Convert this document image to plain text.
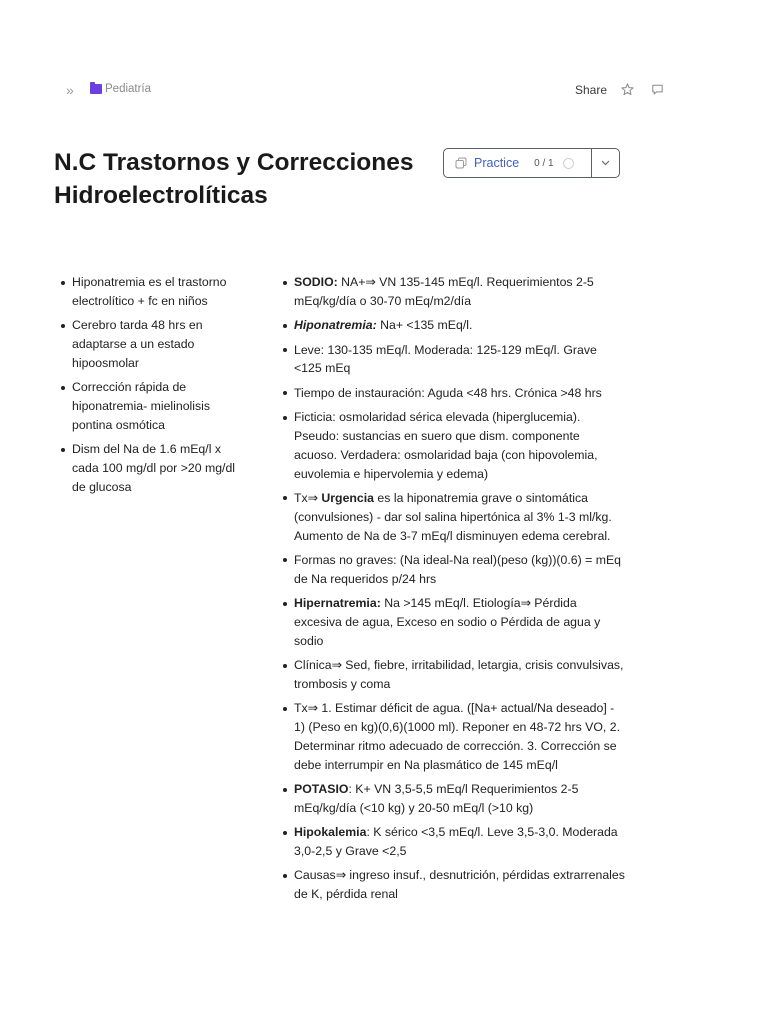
»	Pediatría	Share
N.C Trastornos y Correcciones
Hidroelectrolíticas
Practice 0 / 1
Hiponatremia es el trastorno electrolítico + fc en niños
Cerebro tarda 48 hrs en adaptarse a un estado hipoosmolar
Corrección rápida de hiponatremia- mielinolisis pontina osmótica
Dism del Na de 1.6 mEq/l x cada 100 mg/dl por >20 mg/dl de glucosa
SODIO: NA+⇒ VN 135-145 mEq/l. Requerimientos 2-5 mEq/kg/día o 30-70 mEq/m2/día
Hiponatremia: Na+ <135 mEq/l.
Leve: 130-135 mEq/l. Moderada: 125-129 mEq/l. Grave <125 mEq
Tiempo de instauración: Aguda <48 hrs. Crónica >48 hrs
Ficticia: osmolaridad sérica elevada (hiperglucemia). Pseudo: sustancias en suero que dism. componente acuoso. Verdadera: osmolaridad baja (con hipovolemia, euvolemia e hipervolemia y edema)
Tx⇒ Urgencia es la hiponatremia grave o sintomática (convulsiones) - dar sol salina hipertónica al 3% 1-3 ml/kg. Aumento de Na de 3-7 mEq/l disminuyen edema cerebral.
Formas no graves: (Na ideal-Na real)(peso (kg))(0.6) = mEq de Na requeridos p/24 hrs
Hipernatremia: Na >145 mEq/l. Etiología⇒ Pérdida excesiva de agua, Exceso en sodio o Pérdida de agua y sodio
Clínica⇒ Sed, fiebre, irritabilidad, letargia, crisis convulsivas, trombosis y coma
Tx⇒ 1. Estimar déficit de agua. ([Na+ actual/Na deseado] - 1) (Peso en kg)(0,6)(1000 ml). Reponer en 48-72 hrs VO, 2. Determinar ritmo adecuado de corrección. 3. Corrección se debe interrumpir en Na plasmático de 145 mEq/l
POTASIO: K+ VN 3,5-5,5 mEq/l Requerimientos 2-5 mEq/kg/día (<10 kg) y 20-50 mEq/l (>10 kg)
Hipokalemia: K sérico <3,5 mEq/l. Leve 3,5-3,0. Moderada 3,0-2,5 y Grave <2,5
Causas⇒ ingreso insuf., desnutrición, pérdidas extrarrenales de K, pérdida renal
